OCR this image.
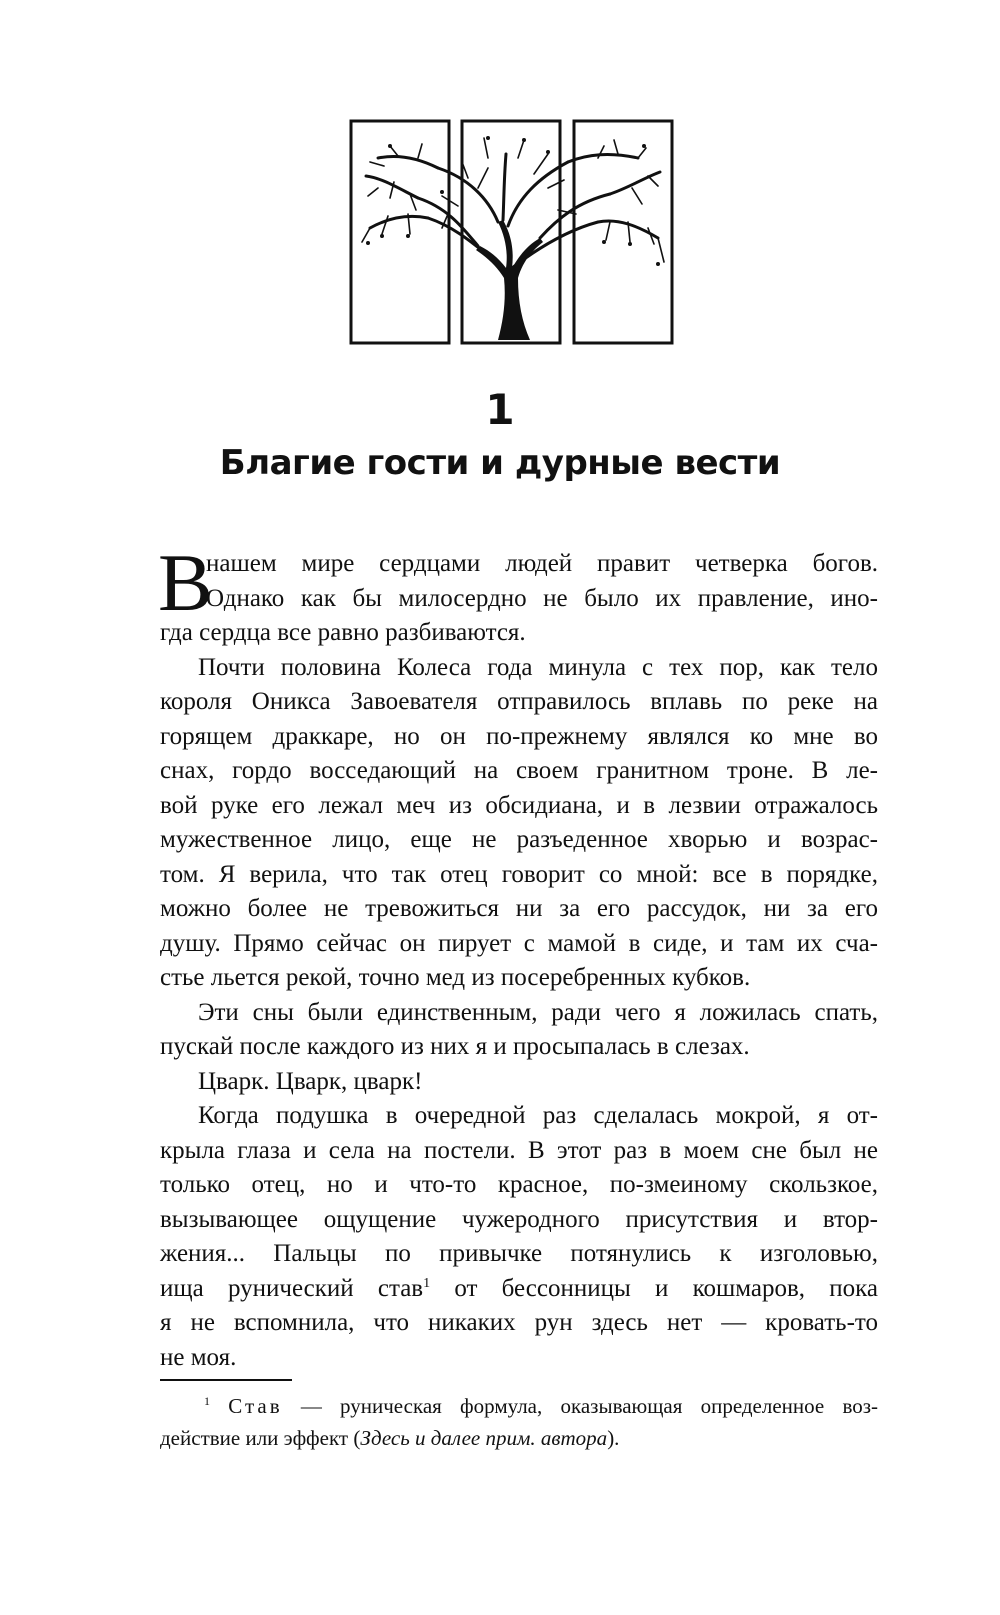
1
Благие гости и дурные вести
В
нашем мире сердцами людей правит четверка богов.
Однако как бы милосердно не было их правление, ино-
гда сердца все равно разбиваются.
Почти половина Колеса года минула с тех пор, как тело
короля Оникса Завоевателя отправилось вплавь по реке на
горящем драккаре, но он по-прежнему являлся ко мне во
снах, гордо восседающий на своем гранитном троне. В ле-
вой руке его лежал меч из обсидиана, и в лезвии отражалось
мужественное лицо, еще не разъеденное хворью и возрас-
том. Я верила, что так отец говорит со мной: все в порядке,
можно более не тревожиться ни за его рассудок, ни за его
душу. Прямо сейчас он пирует с мамой в сиде, и там их сча-
стье льется рекой, точно мед из посеребренных кубков.
Эти сны были единственным, ради чего я ложилась спать,
пускай после каждого из них я и просыпалась в слезах.
Цварк. Цварк, цварк!
Когда подушка в очередной раз сделалась мокрой, я от-
крыла глаза и села на постели. В этот раз в моем сне был не
только отец, но и что-то красное, по-змеиному скользкое,
вызывающее ощущение чужеродного присутствия и втор-
жения... Пальцы по привычке потянулись к изголовью,
ища рунический став$^1$ от бессонницы и кошмаров, пока
я не вспомнила, что никаких рун здесь нет — кровать-то
не моя.
$^1$ Став — руническая формула, оказывающая определенное воз-
действие или эффект (Здесь и далее прим. автора).
